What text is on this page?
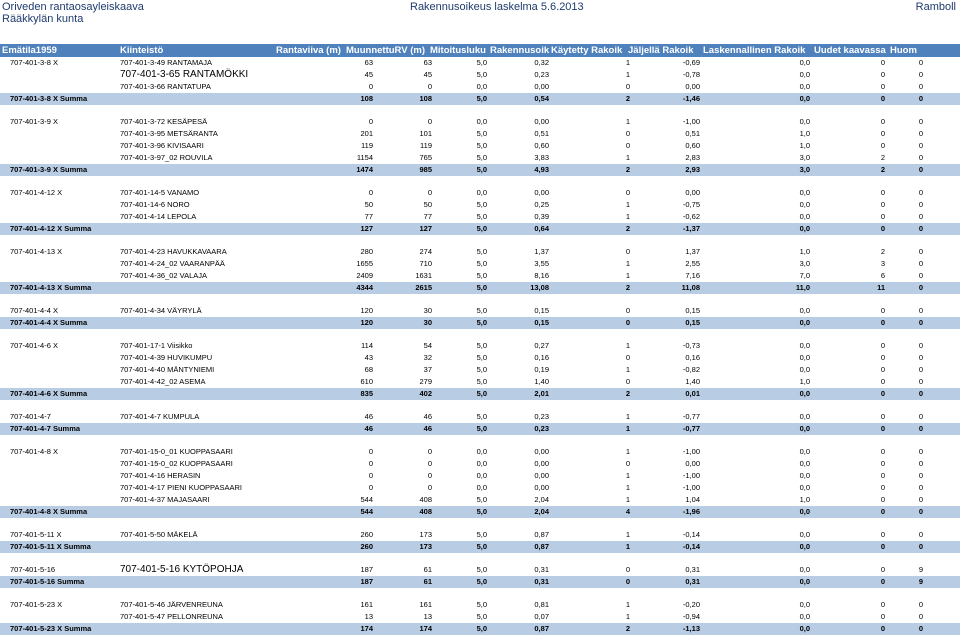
Oriveden rantaosayleiskaava
Rääkkylän kunta
Rakennusoikeus laskelma 5.6.2013	Ramboll
Emätila1959	Kiinteistö	Rantaviiva (m) MuunnettuRV (m) Mitoitusluku Rakennusoik Käytetty Rakoik Jäljellä Rakoik Laskennallinen Rakoik Uudet kaavassa Huom
707-401-3-8 X	707-401-3-49 RANTAMAJA	63	63	5,0	0,32	1	-0,69	0,0	0	0
707-401-3-65 RANTAMÖKKI	45	45	5,0	0,23	1	-0,78	0,0	0	0
707-401-3-66 RANTATUPA	0	0	0,0	0,00	0	0,00	0,0	0	0
707-401-3-8 X Summa	108	108	5,0	0,54	2	-1,46	0,0	0	0
707-401-3-9 X	707-401-3-72 KESÄPESÄ	0	0	0,0	0,00	1	-1,00	0,0	0	0
707-401-3-95 METSÄRANTA	201	101	5,0	0,51	0	0,51	1,0	0	0
707-401-3-96 KIVISAARI	119	119	5,0	0,60	0	0,60	1,0	0	0
707-401-3-97_02 ROUVILA	1154	765	5,0	3,83	1	2,83	3,0	2	0
707-401-3-9 X Summa	1474	985	5,0	4,93	2	2,93	3,0	2	0
707-401-4-12 X	707-401-14-5 VANAMO	0	0	0,0	0,00	0	0,00	0,0	0	0
707-401-14-6 NORO	50	50	5,0	0,25	1	-0,75	0,0	0	0
707-401-4-14 LEPOLA	77	77	5,0	0,39	1	-0,62	0,0	0	0
707-401-4-12 X Summa	127	127	5,0	0,64	2	-1,37	0,0	0	0
707-401-4-13 X	707-401-4-23 HAVUKKAVAARA	280	274	5,0	1,37	0	1,37	1,0	2	0
707-401-4-24_02 VAARANPÄÄ	1655	710	5,0	3,55	1	2,55	3,0	3	0
707-401-4-36_02 VALAJA	2409	1631	5,0	8,16	1	7,16	7,0	6	0
707-401-4-13 X Summa	4344	2615	5,0	13,08	2	11,08	11,0	11	0
707-401-4-4 X	707-401-4-34 VÄYRYLÄ	120	30	5,0	0,15	0	0,15	0,0	0	0
707-401-4-4 X Summa	120	30	5,0	0,15	0	0,15	0,0	0	0
707-401-4-6 X	707-401-17-1 Viisikko	114	54	5,0	0,27	1	-0,73	0,0	0	0
707-401-4-39 HUVIKUMPU	43	32	5,0	0,16	0	0,16	0,0	0	0
707-401-4-40 MÄNTYNIEMI	68	37	5,0	0,19	1	-0,82	0,0	0	0
707-401-4-42_02 ASEMA	610	279	5,0	1,40	0	1,40	1,0	0	0
707-401-4-6 X Summa	835	402	5,0	2,01	2	0,01	0,0	0	0
707-401-4-7	707-401-4-7 KUMPULA	46	46	5,0	0,23	1	-0,77	0,0	0	0
707-401-4-7 Summa	46	46	5,0	0,23	1	-0,77	0,0	0	0
707-401-4-8 X	707-401-15-0_01 KUOPPASAARI	0	0	0,0	0,00	1	-1,00	0,0	0	0
707-401-15-0_02 KUOPPASAARI	0	0	0,0	0,00	0	0,00	0,0	0	0
707-401-4-16 HERASIN	0	0	0,0	0,00	1	-1,00	0,0	0	0
707-401-4-17 PIENI KUOPPASAARI	0	0	0,0	0,00	1	-1,00	0,0	0	0
707-401-4-37 MAJASAARI	544	408	5,0	2,04	1	1,04	1,0	0	0
707-401-4-8 X Summa	544	408	5,0	2,04	4	-1,96	0,0	0	0
707-401-5-11 X	707-401-5-50 MÄKELÄ	260	173	5,0	0,87	1	-0,14	0,0	0	0
707-401-5-11 X Summa	260	173	5,0	0,87	1	-0,14	0,0	0	0
707-401-5-16	707-401-5-16 KYTÖPOHJA	187	61	5,0	0,31	0	0,31	0,0	0	9
707-401-5-16 Summa	187	61	5,0	0,31	0	0,31	0,0	0	9
707-401-5-23 X	707-401-5-46 JÄRVENREUNA	161	161	5,0	0,81	1	-0,20	0,0	0	0
707-401-5-47 PELLONREUNA	13	13	5,0	0,07	1	-0,94	0,0	0	0
707-401-5-23 X Summa	174	174	5,0	0,87	2	-1,13	0,0	0	0
